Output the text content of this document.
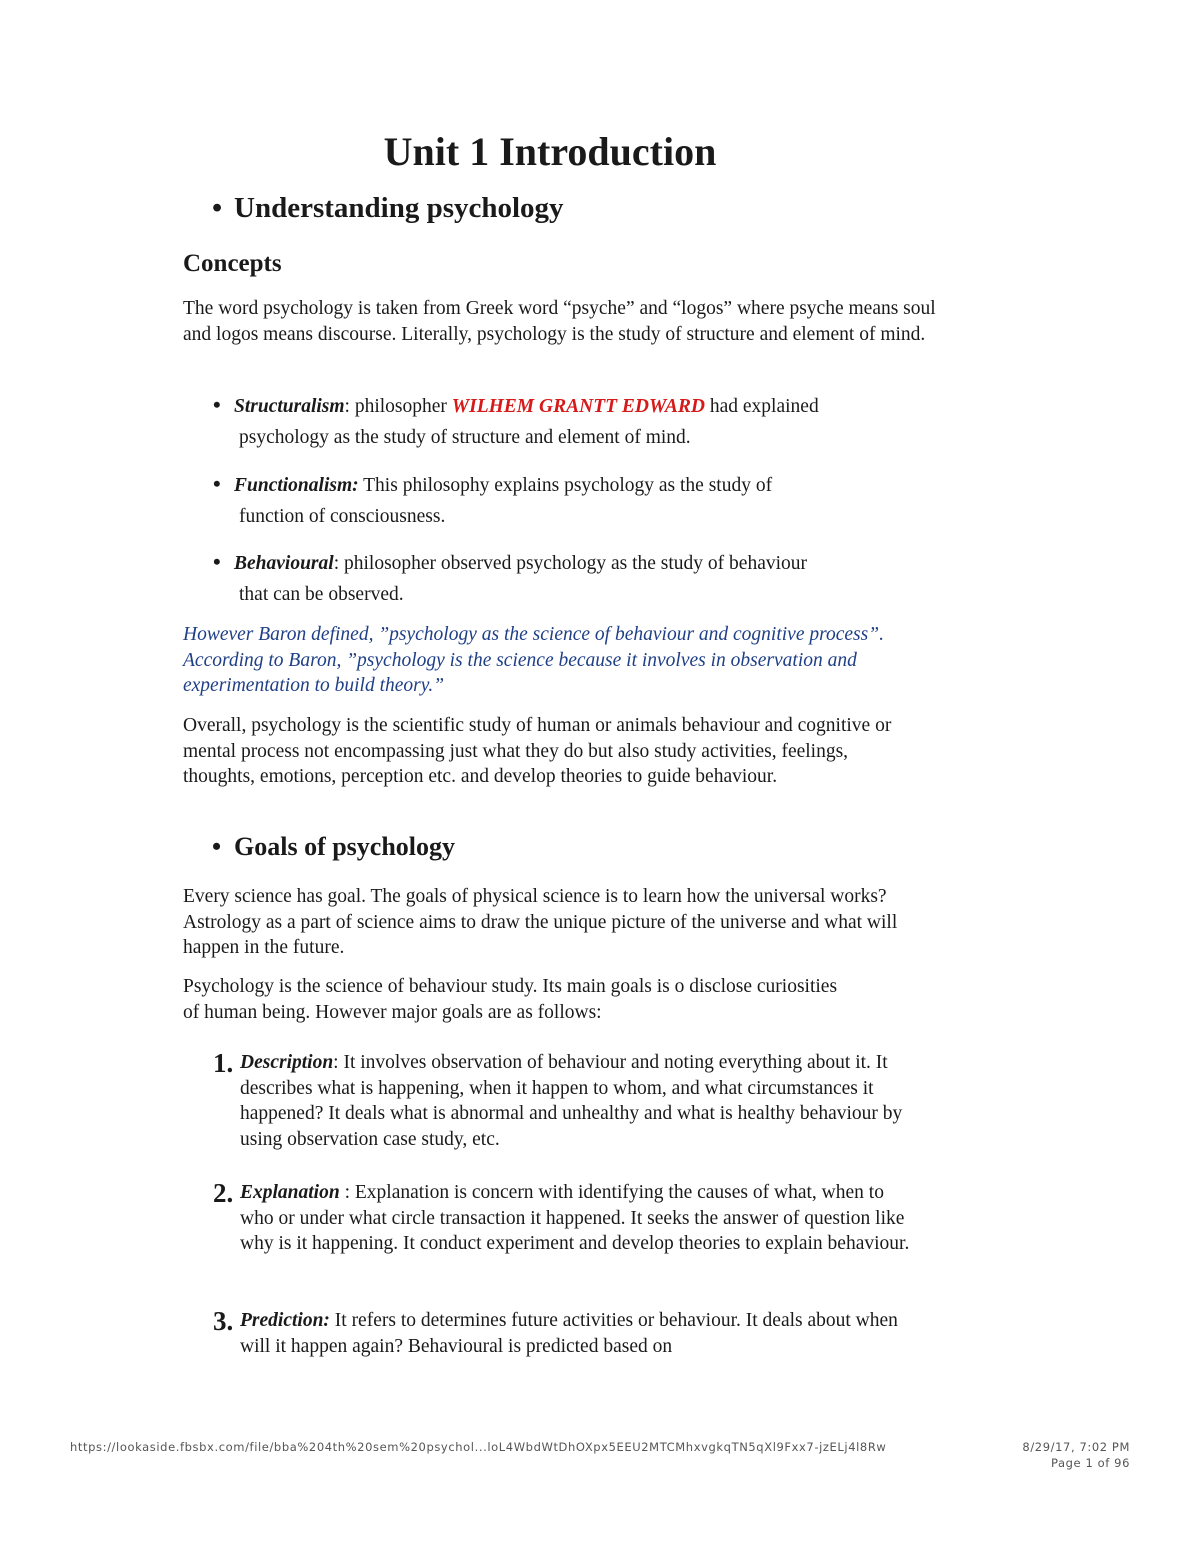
Unit 1 Introduction
• Understanding psychology
Concepts

The word psychology is taken from Greek word “psyche” and “logos” where psyche means soul and logos means discourse. Literally, psychology is the study of structure and element of mind.

• Structuralism: philosopher WILHEM GRANTT EDWARD had explained
psychology as the study of structure and element of mind.
• Functionalism: This philosophy explains psychology as the study of
function of consciousness.
• Behavioural: philosopher observed psychology as the study of behaviour
that can be observed.

However Baron defined, ”psychology as the science of behaviour and cognitive process”. According to Baron, ”psychology is the science because it involves in observation and experimentation to build theory.”

Overall, psychology is the scientific study of human or animals behaviour and cognitive or mental process not encompassing just what they do but also study activities, feelings, thoughts, emotions, perception etc. and develop theories to guide behaviour.

• Goals of psychology

Every science has goal. The goals of physical science is to learn how the universal works? Astrology as a part of science aims to draw the unique picture of the universe and what will happen in the future.

Psychology is the science of behaviour study. Its main goals is o disclose curiosities of human being. However major goals are as follows:

1. Description: It involves observation of behaviour and noting everything about it. It describes what is happening, when it happen to whom, and what circumstances it happened? It deals what is abnormal and unhealthy and what is healthy behaviour by using observation case study, etc.
2. Explanation : Explanation is concern with identifying the causes of what, when to who or under what circle transaction it happened. It seeks the answer of question like why is it happening. It conduct experiment and develop theories to explain behaviour.
3. Prediction: It refers to determines future activities or behaviour. It deals about when will it happen again? Behavioural is predicted based on
https://lookaside.fbsbx.com/file/bba%204th%20sem%20psychol...loL4WbdWtDhOXpx5EEU2MTCMhxvgkqTN5qXl9Fxx7-jzELj4l8Rw	8/29/17, 7:02 PM
Page 1 of 96
